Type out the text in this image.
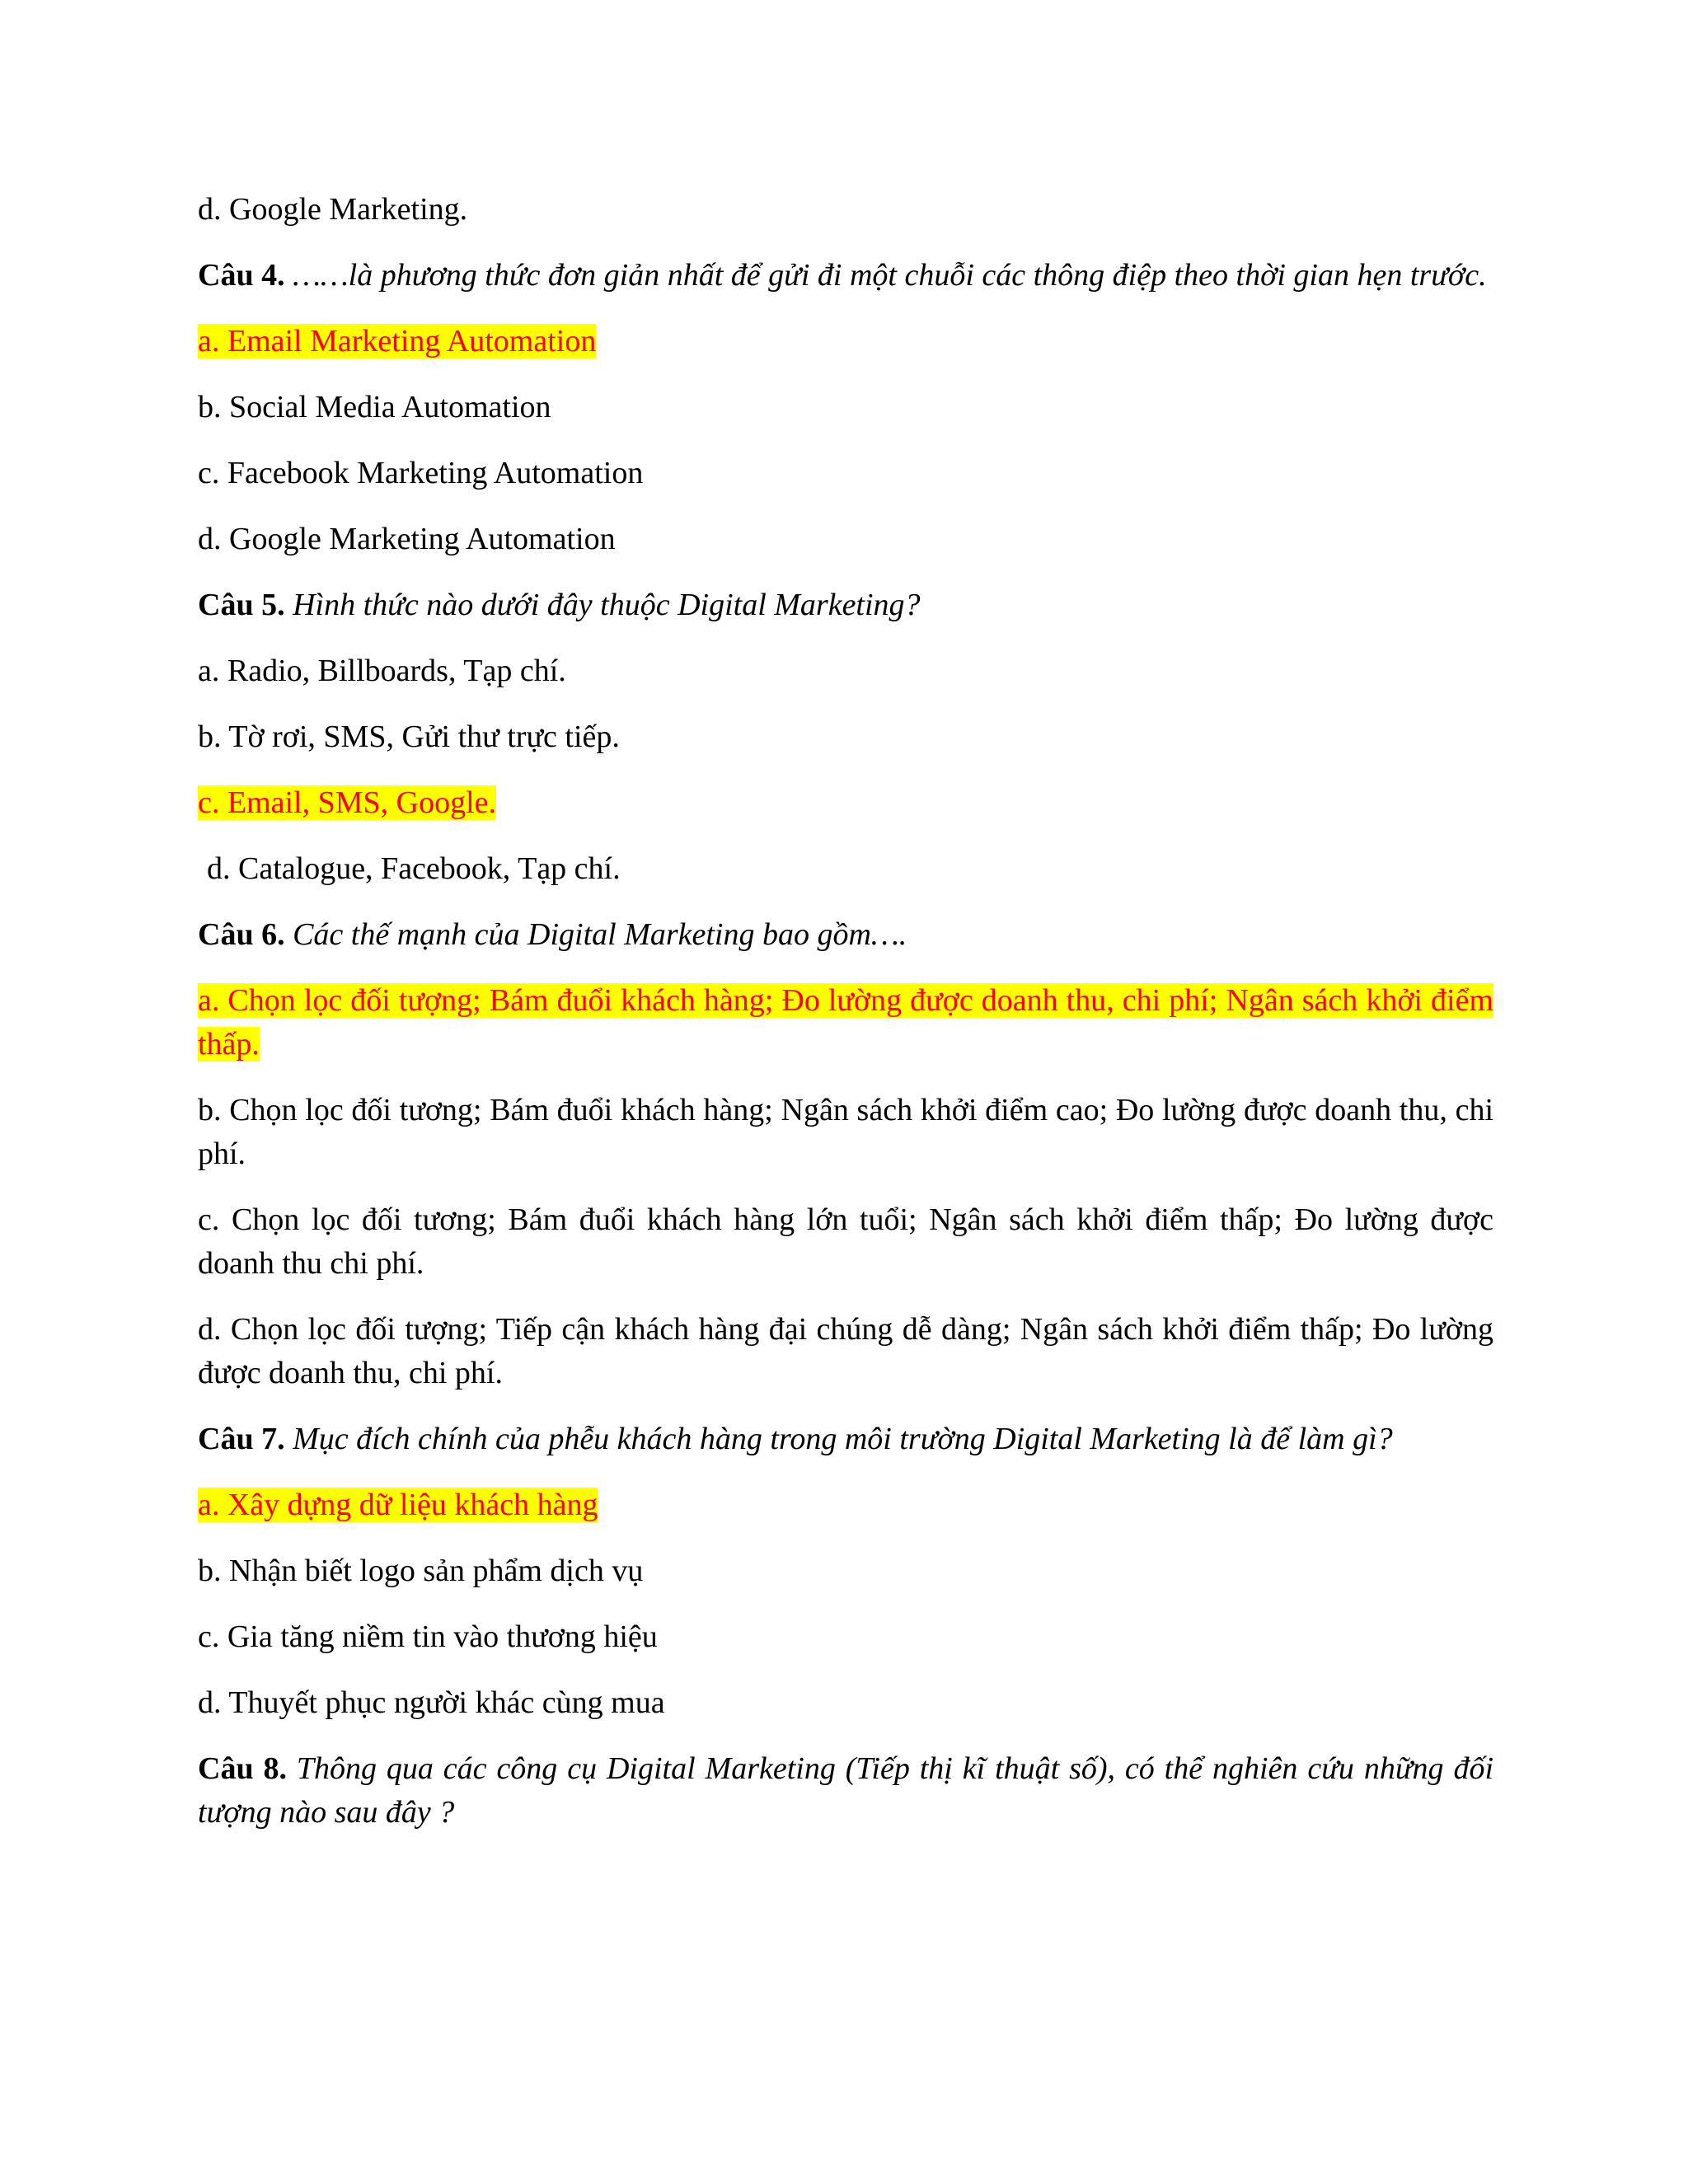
d. Google Marketing.

Câu 4. ……là phương thức đơn giản nhất để gửi đi một chuỗi các thông điệp theo thời gian hẹn trước.

a. Email Marketing Automation

b. Social Media Automation

c. Facebook Marketing Automation

d. Google Marketing Automation

Câu 5. Hình thức nào dưới đây thuộc Digital Marketing?

a. Radio, Billboards, Tạp chí.

b. Tờ rơi, SMS, Gửi thư trực tiếp.

c. Email, SMS, Google.

d. Catalogue, Facebook, Tạp chí.

Câu 6. Các thế mạnh của Digital Marketing bao gồm….

a. Chọn lọc đối tượng; Bám đuổi khách hàng; Đo lường được doanh thu, chi phí; Ngân sách khởi điểm thấp.

b. Chọn lọc đối tương; Bám đuổi khách hàng; Ngân sách khởi điểm cao; Đo lường được doanh thu, chi phí.

c. Chọn lọc đối tương; Bám đuổi khách hàng lớn tuổi; Ngân sách khởi điểm thấp; Đo lường được doanh thu chi phí.

d. Chọn lọc đối tượng; Tiếp cận khách hàng đại chúng dễ dàng; Ngân sách khởi điểm thấp; Đo lường được doanh thu, chi phí.

Câu 7. Mục đích chính của phễu khách hàng trong môi trường Digital Marketing là để làm gì?

a. Xây dựng dữ liệu khách hàng

b. Nhận biết logo sản phẩm dịch vụ

c. Gia tăng niềm tin vào thương hiệu

d. Thuyết phục người khác cùng mua

Câu 8. Thông qua các công cụ Digital Marketing (Tiếp thị kĩ thuật số), có thể nghiên cứu những đối tượng nào sau đây ?
